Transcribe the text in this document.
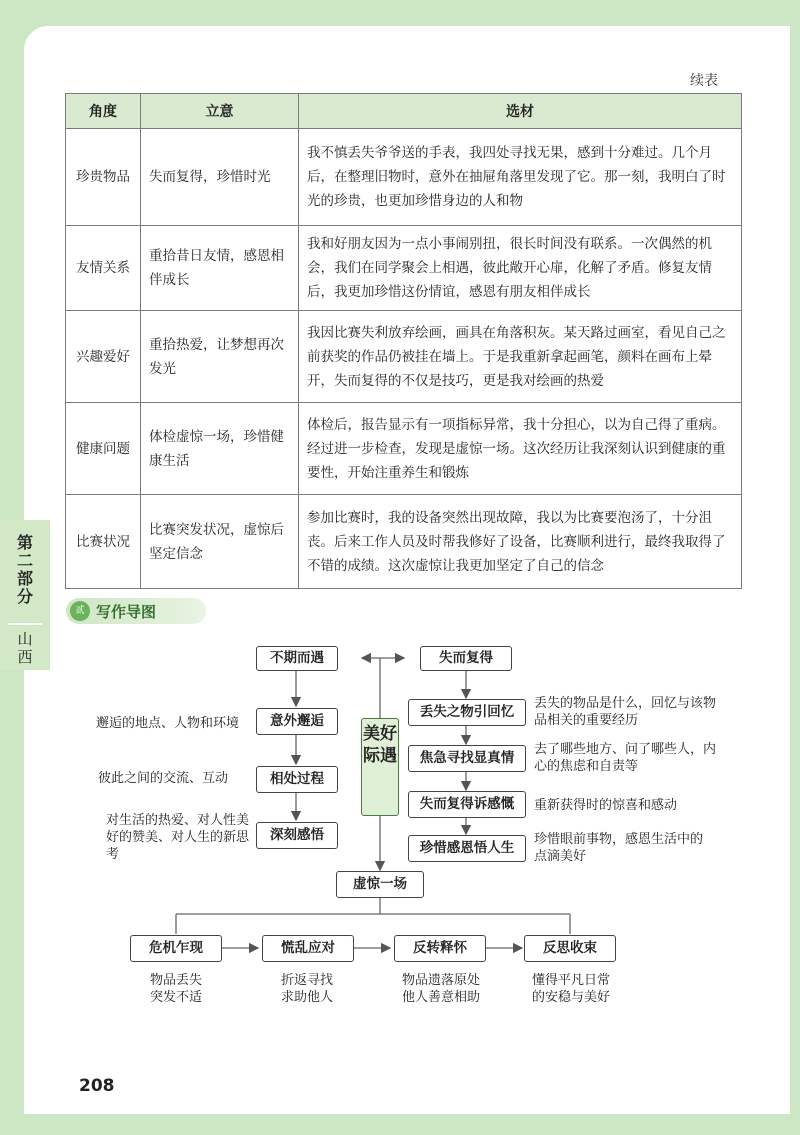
续表
角度	立意	选材
珍贵物品	失而复得，珍惜时光	我不慎丢失爷爷送的手表，我四处寻找无果，感到十分难过。几个月后，在整理旧物时，意外在抽屉角落里发现了它。那一刻，我明白了时光的珍贵，也更加珍惜身边的人和物
友情关系	重拾昔日友情，感恩相伴成长	我和好朋友因为一点小事闹别扭，很长时间没有联系。一次偶然的机会，我们在同学聚会上相遇，彼此敞开心扉，化解了矛盾。修复友情后，我更加珍惜这份情谊，感恩有朋友相伴成长
兴趣爱好	重拾热爱，让梦想再次发光	我因比赛失利放弃绘画，画具在角落积灰。某天路过画室，看见自己之前获奖的作品仍被挂在墙上。于是我重新拿起画笔，颜料在画布上晕开，失而复得的不仅是技巧，更是我对绘画的热爱
健康问题	体检虚惊一场，珍惜健康生活	体检后，报告显示有一项指标异常，我十分担心，以为自己得了重病。经过进一步检查，发现是虚惊一场。这次经历让我深刻认识到健康的重要性，开始注重养生和锻炼
比赛状况	比赛突发状况，虚惊后坚定信念	参加比赛时，我的设备突然出现故障，我以为比赛要泡汤了，十分沮丧。后来工作人员及时帮我修好了设备，比赛顺利进行，最终我取得了不错的成绩。这次虚惊让我更加坚定了自己的信念
第二部分
山西
贰 写作导图
美好际遇
不期而遇
意外邂逅
相处过程
深刻感悟
邂逅的地点、人物和环境
彼此之间的交流、互动
对生活的热爱、对人性美好的赞美、对人生的新思考
失而复得
丢失之物引回忆
焦急寻找显真情
失而复得诉感慨
珍惜感恩悟人生
丢失的物品是什么，回忆与该物品相关的重要经历
去了哪些地方、问了哪些人，内心的焦虑和自责等
重新获得时的惊喜和感动
珍惜眼前事物，感恩生活中的点滴美好
虚惊一场
危机乍现	慌乱应对	反转释怀	反思收束
物品丢失突发不适
折返寻找求助他人
物品遗落原处他人善意相助
懂得平凡日常的安稳与美好
208
